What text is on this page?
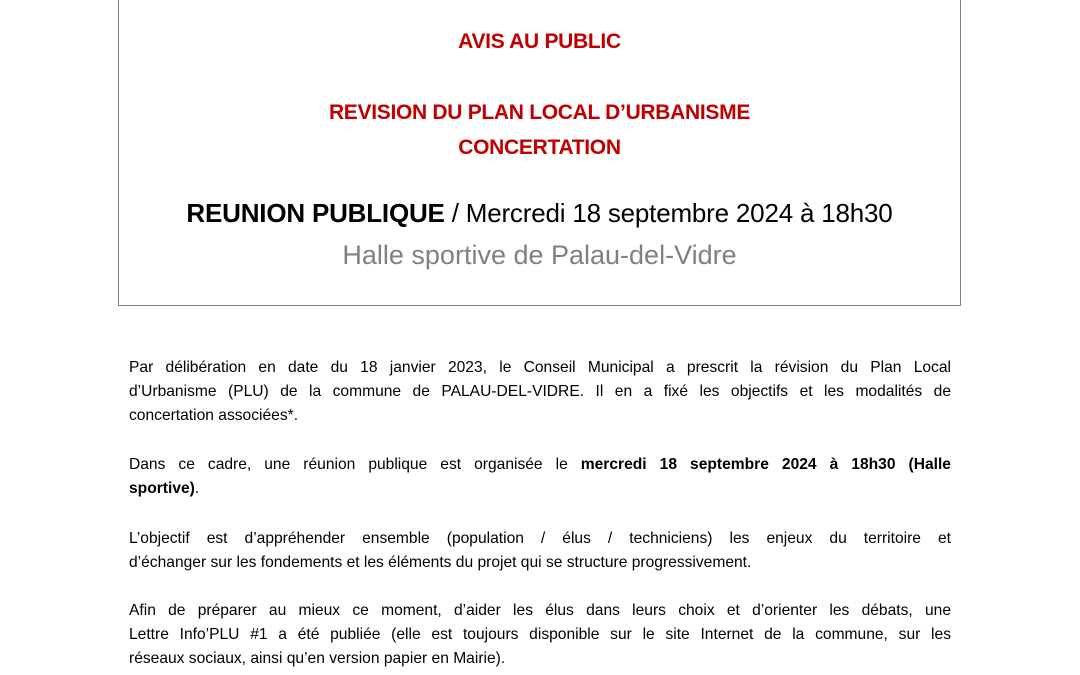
AVIS AU PUBLIC
REVISION DU PLAN LOCAL D’URBANISME
CONCERTATION
REUNION PUBLIQUE / Mercredi 18 septembre 2024 à 18h30
Halle sportive de Palau-del-Vidre
Par délibération en date du 18 janvier 2023, le Conseil Municipal a prescrit la révision du Plan Local
d’Urbanisme (PLU) de la commune de PALAU-DEL-VIDRE. Il en a fixé les objectifs et les modalités de
concertation associées*.
Dans ce cadre, une réunion publique est organisée le mercredi 18 septembre 2024 à 18h30 (Halle
sportive).
L’objectif est d’appréhender ensemble (population / élus / techniciens) les enjeux du territoire et
d’échanger sur les fondements et les éléments du projet qui se structure progressivement.
Afin de préparer au mieux ce moment, d’aider les élus dans leurs choix et d’orienter les débats, une
Lettre Info’PLU #1 a été publiée (elle est toujours disponible sur le site Internet de la commune, sur les
réseaux sociaux, ainsi qu’en version papier en Mairie).
